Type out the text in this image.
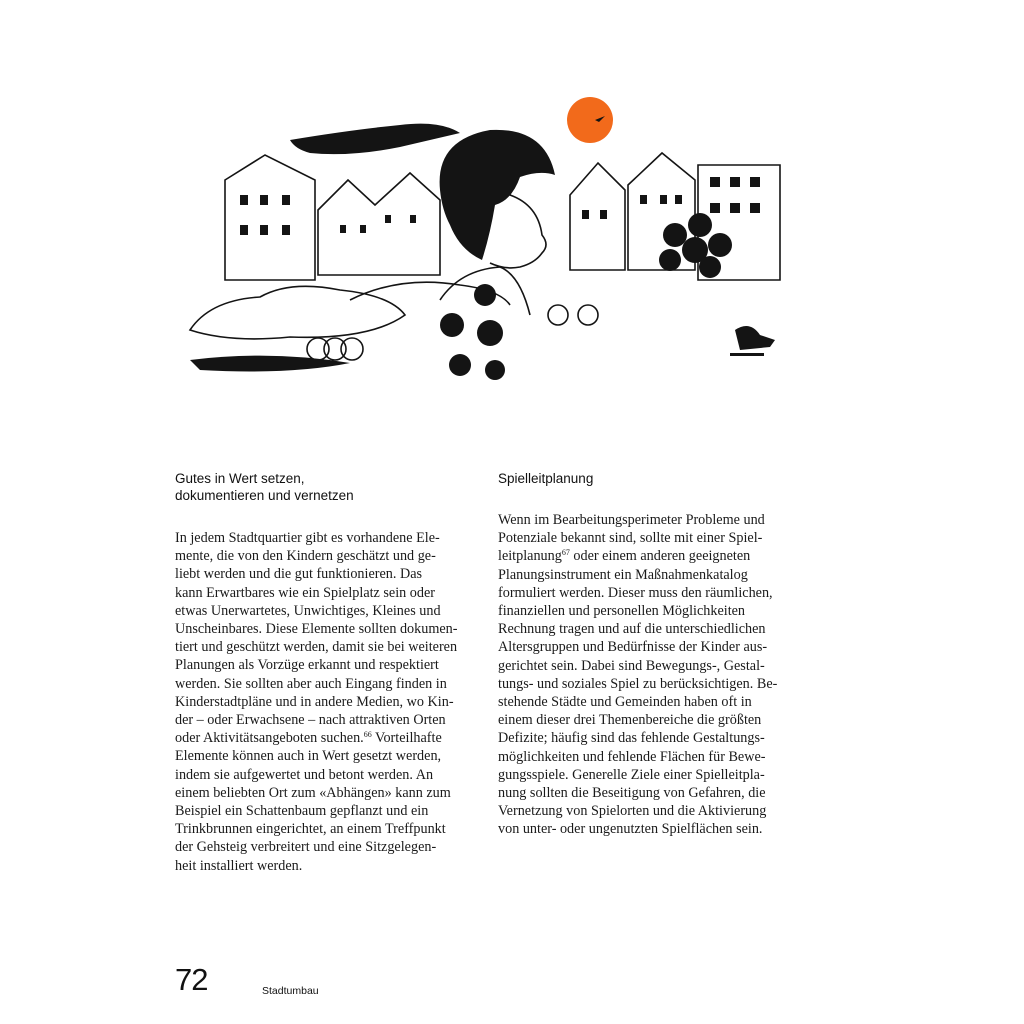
Gutes in Wert setzen,
dokumentieren und vernetzen

In jedem Stadtquartier gibt es vorhandene Ele-
mente, die von den Kindern geschätzt und ge-
liebt werden und die gut funktionieren. Das
kann Erwartbares wie ein Spielplatz sein oder
etwas Unerwartetes, Unwichtiges, Kleines und
Unscheinbares. Diese Elemente sollten dokumen-
tiert und geschützt werden, damit sie bei weiteren
Planungen als Vorzüge erkannt und respektiert
werden. Sie sollten aber auch Eingang finden in
Kinderstadtpläne und in andere Medien, wo Kin-
der – oder Erwachsene – nach attraktiven Orten
oder Aktivitätsangeboten suchen.$^{66}$ Vorteilhafte
Elemente können auch in Wert gesetzt werden,
indem sie aufgewertet und betont werden. An
einem beliebten Ort zum «Abhängen» kann zum
Beispiel ein Schattenbaum gepflanzt und ein
Trinkbrunnen eingerichtet, an einem Treffpunkt
der Gehsteig verbreitert und eine Sitzgelegen-
heit installiert werden.

Spielleitplanung

Wenn im Bearbeitungsperimeter Probleme und
Potenziale bekannt sind, sollte mit einer Spiel-
leitplanung$^{67}$ oder einem anderen geeigneten
Planungsinstrument ein Maßnahmenkatalog
formuliert werden. Dieser muss den räumlichen,
finanziellen und personellen Möglichkeiten
Rechnung tragen und auf die unterschiedlichen
Altersgruppen und Bedürfnisse der Kinder aus-
gerichtet sein. Dabei sind Bewegungs-, Gestal-
tungs- und soziales Spiel zu berücksichtigen. Be-
stehende Städte und Gemeinden haben oft in
einem dieser drei Themenbereiche die größten
Defizite; häufig sind das fehlende Gestaltungs-
möglichkeiten und fehlende Flächen für Bewe-
gungsspiele. Generelle Ziele einer Spielleitpla-
nung sollten die Beseitigung von Gefahren, die
Vernetzung von Spielorten und die Aktivierung
von unter- oder ungenutzten Spielflächen sein.

72	Stadtumbau
